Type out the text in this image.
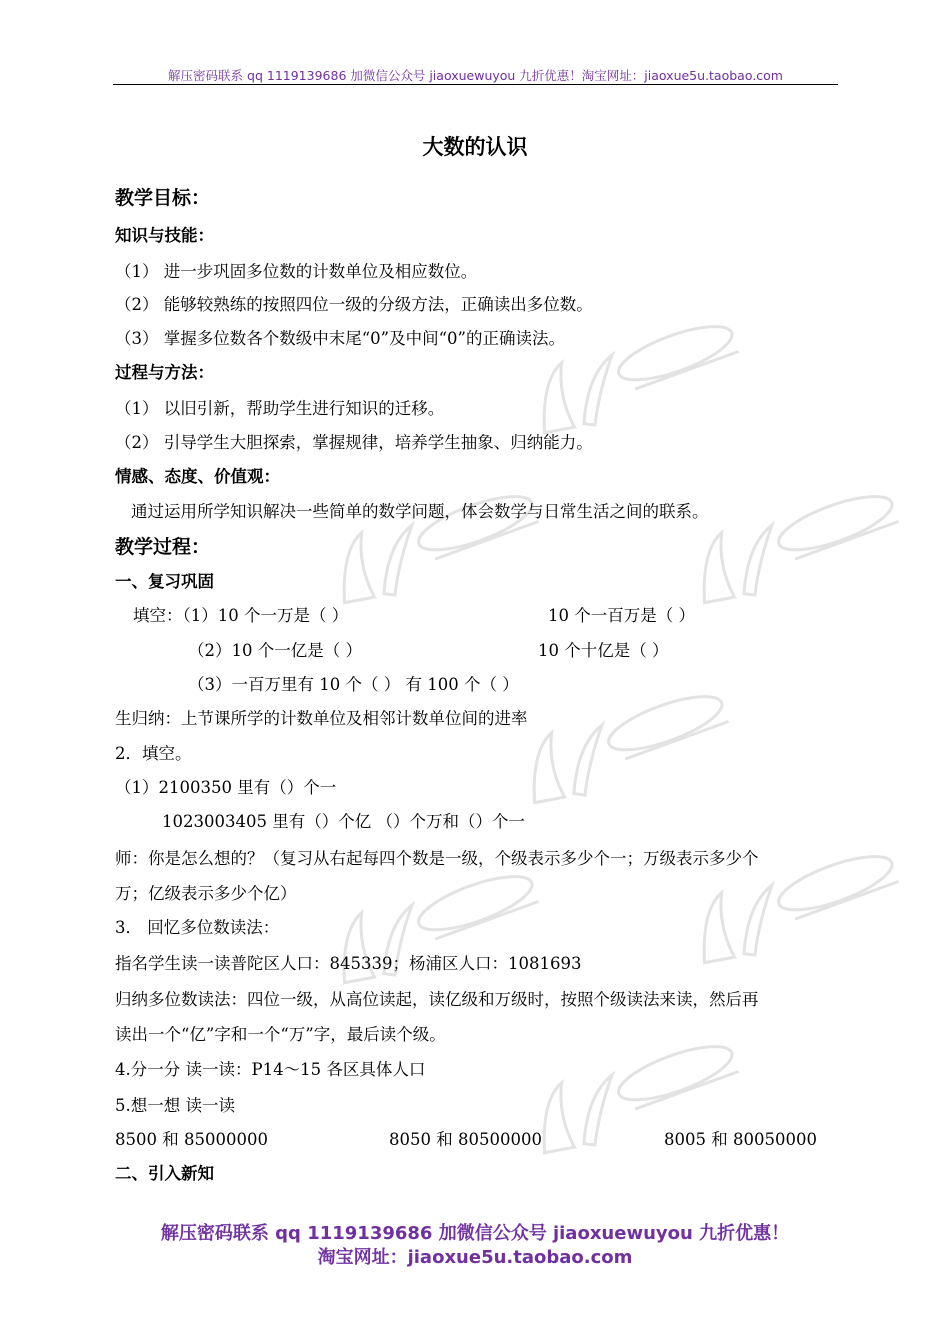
解压密码联系 qq 1119139686 加微信公众号 jiaoxuewuyou 九折优惠！淘宝网址：jiaoxue5u.taobao.com
大数的认识
教学目标：
知识与技能：
（1） 进一步巩固多位数的计数单位及相应数位。
（2） 能够较熟练的按照四位一级的分级方法，正确读出多位数。
（3） 掌握多位数各个数级中末尾“0”及中间“0”的正确读法。
过程与方法：
（1） 以旧引新，帮助学生进行知识的迁移。
（2） 引导学生大胆探索，掌握规律，培养学生抽象、归纳能力。
情感、态度、价值观：
通过运用所学知识解决一些简单的数学问题，体会数学与日常生活之间的联系。
教学过程：
一、复习巩固
填空：（1）10 个一万是（ ）	10 个一百万是（ ）
（2）10 个一亿是（ ）	10 个十亿是（ ）
（3）一百万里有 10 个（ ） 有 100 个（ ）
生归纳：上节课所学的计数单位及相邻计数单位间的进率
2．填空。
（1）2100350 里有（）个一
1023003405 里有（）个亿 （）个万和（）个一
师：你是怎么想的？（复习从右起每四个数是一级，个级表示多少个一；万级表示多少个
万；亿级表示多少个亿）
3． 回忆多位数读法：
指名学生读一读普陀区人口：845339；杨浦区人口：1081693
归纳多位数读法：四位一级，从高位读起，读亿级和万级时，按照个级读法来读，然后再
读出一个“亿”字和一个“万”字，最后读个级。
4.分一分 读一读：P14～15 各区具体人口
5.想一想 读一读
8500 和 85000000	8050 和 80500000	8005 和 80050000
二、引入新知
解压密码联系 qq 1119139686 加微信公众号 jiaoxuewuyou 九折优惠！
淘宝网址：jiaoxue5u.taobao.com
